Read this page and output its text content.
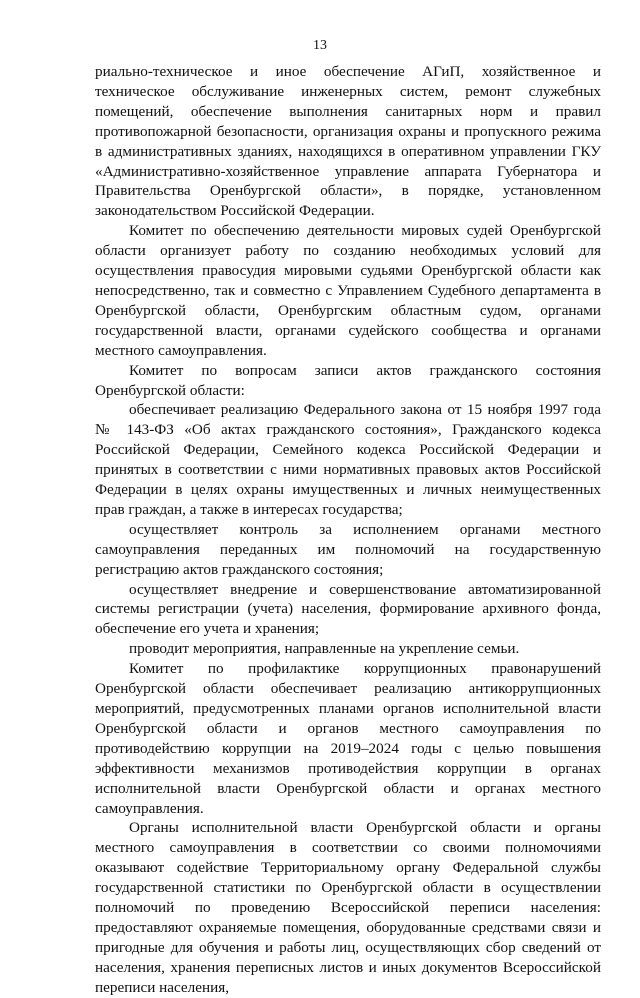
13

риально-техническое и иное обеспечение АГиП, хозяйственное и техническое обслуживание инженерных систем, ремонт служебных помещений, обеспечение выполнения санитарных норм и правил противопожарной безопасности, организация охраны и пропускного режима в административных зданиях, находящихся в оперативном управлении ГКУ «Административно-хозяйственное управление аппарата Губернатора и Правительства Оренбургской области», в порядке, установленном законодательством Российской Федерации.

Комитет по обеспечению деятельности мировых судей Оренбургской области организует работу по созданию необходимых условий для осуществления правосудия мировыми судьями Оренбургской области как непосредственно, так и совместно с Управлением Судебного департамента в Оренбургской области, Оренбургским областным судом, органами государственной власти, органами судейского сообщества и органами местного самоуправления.

Комитет по вопросам записи актов гражданского состояния Оренбургской области:

обеспечивает реализацию Федерального закона от 15 ноября 1997 года № 143-ФЗ «Об актах гражданского состояния», Гражданского кодекса Российской Федерации, Семейного кодекса Российской Федерации и принятых в соответствии с ними нормативных правовых актов Российской Федерации в целях охраны имущественных и личных неимущественных прав граждан, а также в интересах государства;

осуществляет контроль за исполнением органами местного самоуправления переданных им полномочий на государственную регистрацию актов гражданского состояния;

осуществляет внедрение и совершенствование автоматизированной системы регистрации (учета) населения, формирование архивного фонда, обеспечение его учета и хранения;

проводит мероприятия, направленные на укрепление семьи.

Комитет по профилактике коррупционных правонарушений Оренбургской области обеспечивает реализацию антикоррупционных мероприятий, предусмотренных планами органов исполнительной власти Оренбургской области и органов местного самоуправления по противодействию коррупции на 2019–2024 годы с целью повышения эффективности механизмов противодействия коррупции в органах исполнительной власти Оренбургской области и органах местного самоуправления.

Органы исполнительной власти Оренбургской области и органы местного самоуправления в соответствии со своими полномочиями оказывают содействие Территориальному органу Федеральной службы государственной статистики по Оренбургской области в осуществлении полномочий по проведению Всероссийской переписи населения: предоставляют охраняемые помещения, оборудованные средствами связи и пригодные для обучения и работы лиц, осуществляющих сбор сведений от населения, хранения переписных листов и иных документов Всероссийской переписи населения,
